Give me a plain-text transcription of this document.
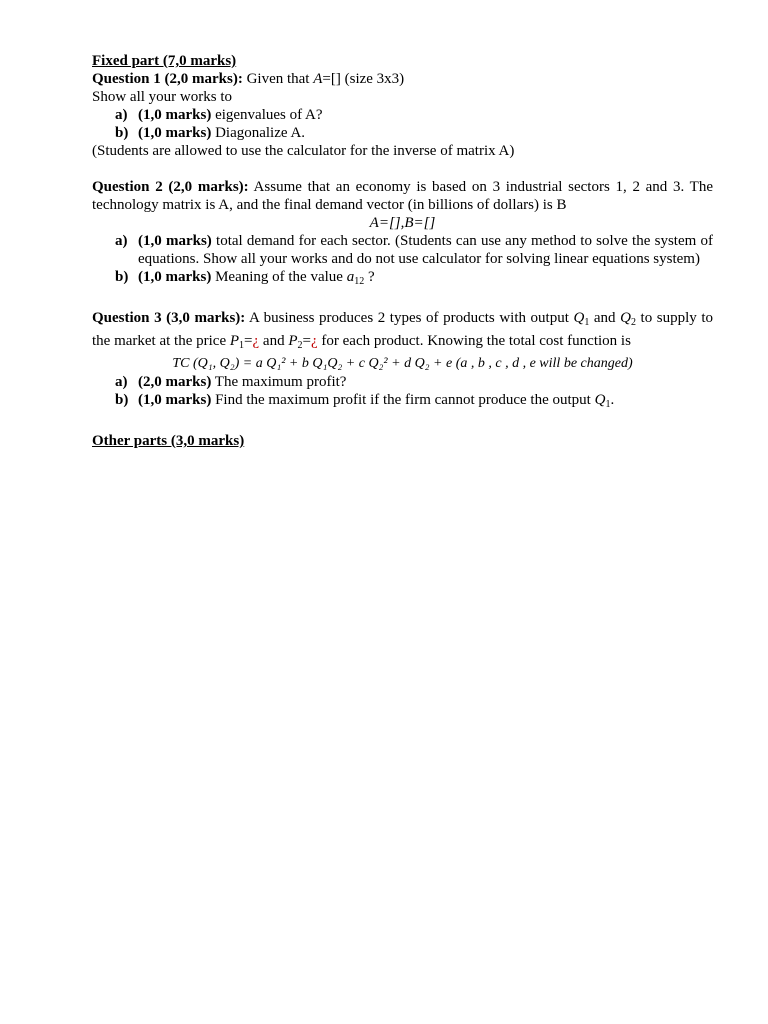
Fixed part (7,0 marks)
Question 1 (2,0 marks): Given that A=[] (size 3x3)
Show all your works to
a) (1,0 marks) eigenvalues of A?
b) (1,0 marks) Diagonalize A.
(Students are allowed to use the calculator for the inverse of matrix A)
Question 2 (2,0 marks): Assume that an economy is based on 3 industrial sectors 1, 2 and 3. The technology matrix is A, and the final demand vector (in billions of dollars) is B
A=[],B=[]
a) (1,0 marks) total demand for each sector. (Students can use any method to solve the system of equations. Show all your works and do not use calculator for solving linear equations system)
b) (1,0 marks) Meaning of the value $a_{12}$ ?
Question 3 (3,0 marks): A business produces 2 types of products with output $Q_1$ and $Q_2$ to supply to the market at the price $P_1=¿$ and $P_2=¿$ for each product. Knowing the total cost function is
TC (Q₁, Q₂) = a Q₁² + b Q₁Q₂ + c Q₂² + d Q₂ + e (a , b , c , d , e will be changed)
a) (2,0 marks) The maximum profit?
b) (1,0 marks) Find the maximum profit if the firm cannot produce the output $Q_1$.
Other parts (3,0 marks)
